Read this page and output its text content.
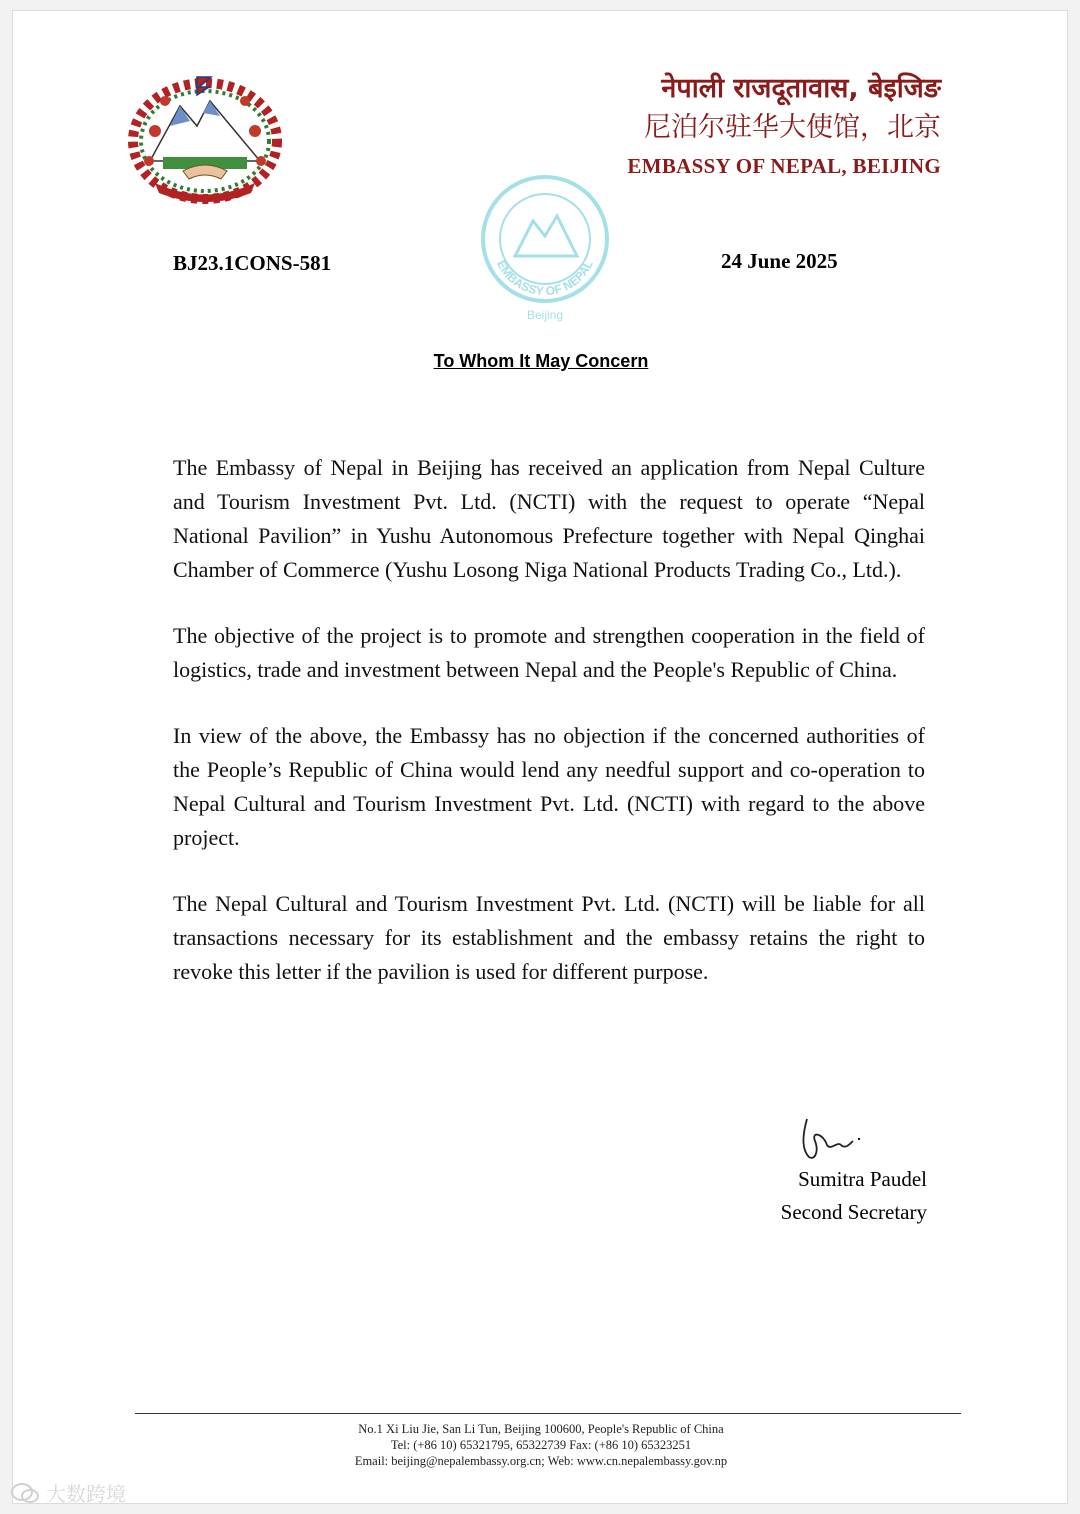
नेपाली राजदूतावास, बेइजिङ

尼泊尔驻华大使馆，北京

EMBASSY OF NEPAL, BEIJING

EMBASSY OF NEPAL
Beijing
BJ23.1CONS-581	24 June 2025
To Whom It May Concern

The Embassy of Nepal in Beijing has received an application from Nepal Culture and Tourism Investment Pvt. Ltd. (NCTI) with the request to operate “Nepal National Pavilion” in Yushu Autonomous Prefecture together with Nepal Qinghai Chamber of Commerce (Yushu Losong Niga National Products Trading Co., Ltd.).

The objective of the project is to promote and strengthen cooperation in the field of logistics, trade and investment between Nepal and the People's Republic of China.

In view of the above, the Embassy has no objection if the concerned authorities of the People’s Republic of China would lend any needful support and co-operation to Nepal Cultural and Tourism Investment Pvt. Ltd. (NCTI) with regard to the above project.

The Nepal Cultural and Tourism Investment Pvt. Ltd. (NCTI) will be liable for all transactions necessary for its establishment and the embassy retains the right to revoke this letter if the pavilion is used for different purpose.

Sumitra Paudel

Second Secretary

No.1 Xi Liu Jie, San Li Tun, Beijing 100600, People's Republic of China

Tel: (+86 10) 65321795, 65322739 Fax: (+86 10) 65323251

Email: beijing@nepalembassy.org.cn; Web: www.cn.nepalembassy.gov.np

大数跨境
